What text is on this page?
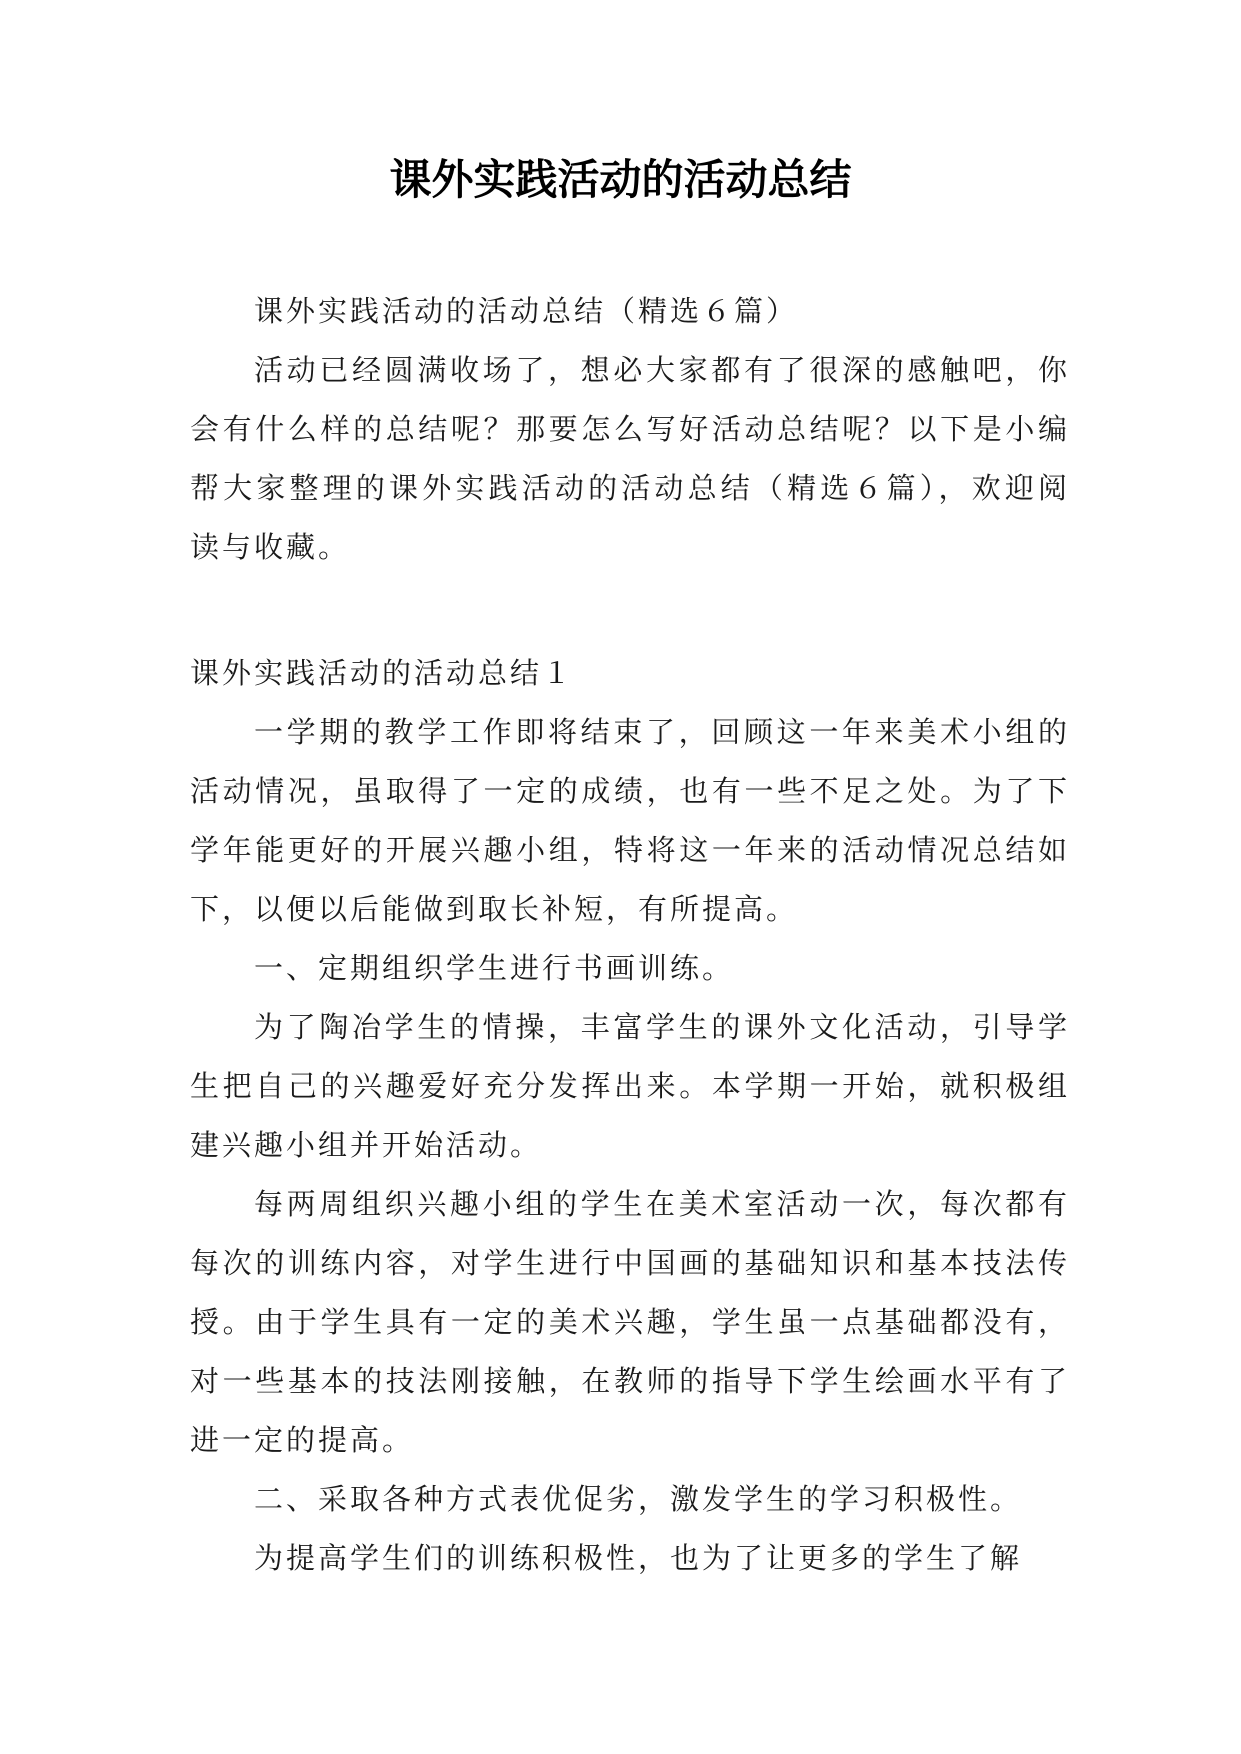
课外实践活动的活动总结

课外实践活动的活动总结（精选６篇）

活动已经圆满收场了，想必大家都有了很深的感触吧，你会有什么样的总结呢？那要怎么写好活动总结呢？以下是小编帮大家整理的课外实践活动的活动总结（精选６篇），欢迎阅读与收藏。

课外实践活动的活动总结１

一学期的教学工作即将结束了，回顾这一年来美术小组的活动情况，虽取得了一定的成绩，也有一些不足之处。为了下学年能更好的开展兴趣小组，特将这一年来的活动情况总结如下，以便以后能做到取长补短，有所提高。

一、定期组织学生进行书画训练。

为了陶冶学生的情操，丰富学生的课外文化活动，引导学生把自己的兴趣爱好充分发挥出来。本学期一开始，就积极组建兴趣小组并开始活动。

每两周组织兴趣小组的学生在美术室活动一次，每次都有每次的训练内容，对学生进行中国画的基础知识和基本技法传授。由于学生具有一定的美术兴趣，学生虽一点基础都没有，对一些基本的技法刚接触，在教师的指导下学生绘画水平有了进一定的提高。

二、采取各种方式表优促劣，激发学生的学习积极性。

为提高学生们的训练积极性，也为了让更多的学生了解
